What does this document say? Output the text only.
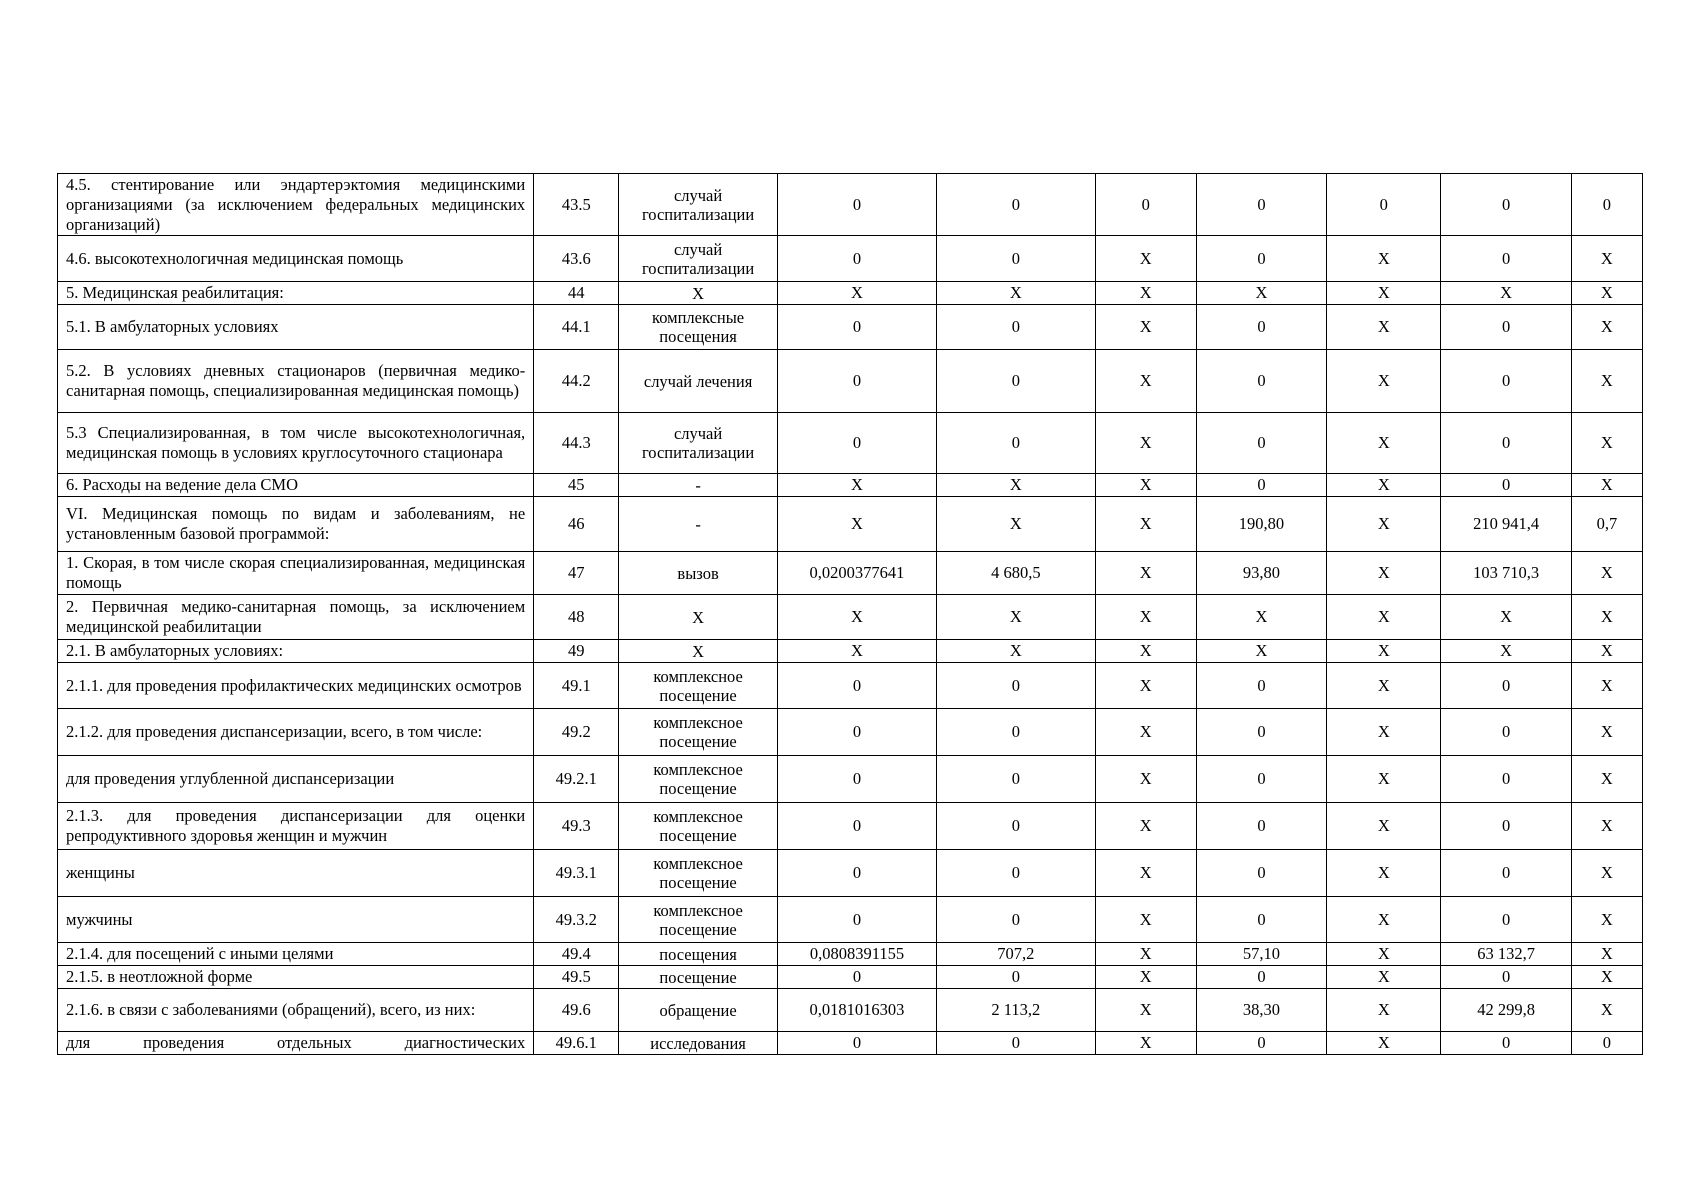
4.5. стентирование или эндартерэктомия медицинскими организациями (за исключением федеральных медицинских организаций)	43.5	случай госпитализации	0	0	0	0	0	0	0
4.6. высокотехнологичная медицинская помощь	43.6	случай госпитализации	0	0	Х	0	Х	0	Х
5. Медицинская реабилитация:	44	Х	Х	Х	Х	Х	Х	Х	Х
5.1. В амбулаторных условиях	44.1	комплексные посещения	0	0	Х	0	Х	0	Х
5.2. В условиях дневных стационаров (первичная медико-санитарная помощь, специализированная медицинская помощь)	44.2	случай лечения	0	0	Х	0	Х	0	Х
5.3 Специализированная, в том числе высокотехнологичная, медицинская помощь в условиях круглосуточного стационара	44.3	случай госпитализации	0	0	Х	0	Х	0	Х
6. Расходы на ведение дела СМО	45	-	Х	Х	Х	0	Х	0	Х
VI. Медицинская помощь по видам и заболеваниям, не установленным базовой программой:	46	-	Х	Х	Х	190,80	Х	210 941,4	0,7
1. Скорая, в том числе скорая специализированная, медицинская помощь	47	вызов	0,0200377641	4 680,5	Х	93,80	Х	103 710,3	Х
2. Первичная медико-санитарная помощь, за исключением медицинской реабилитации	48	Х	Х	Х	Х	Х	Х	Х	Х
2.1. В амбулаторных условиях:	49	Х	Х	Х	Х	Х	Х	Х	Х
2.1.1. для проведения профилактических медицинских осмотров	49.1	комплексное посещение	0	0	Х	0	Х	0	Х
2.1.2. для проведения диспансеризации, всего, в том числе:	49.2	комплексное посещение	0	0	Х	0	Х	0	Х
для проведения углубленной диспансеризации	49.2.1	комплексное посещение	0	0	Х	0	Х	0	Х
2.1.3. для проведения диспансеризации для оценки репродуктивного здоровья женщин и мужчин	49.3	комплексное посещение	0	0	Х	0	Х	0	Х
женщины	49.3.1	комплексное посещение	0	0	Х	0	Х	0	Х
мужчины	49.3.2	комплексное посещение	0	0	Х	0	Х	0	Х
2.1.4. для посещений с иными целями	49.4	посещения	0,0808391155	707,2	Х	57,10	Х	63 132,7	Х
2.1.5. в неотложной форме	49.5	посещение	0	0	Х	0	Х	0	Х
2.1.6. в связи с заболеваниями (обращений), всего, из них:	49.6	обращение	0,0181016303	2 113,2	Х	38,30	Х	42 299,8	Х
для проведения отдельных диагностических	49.6.1	исследования	0	0	Х	0	Х	0	0
